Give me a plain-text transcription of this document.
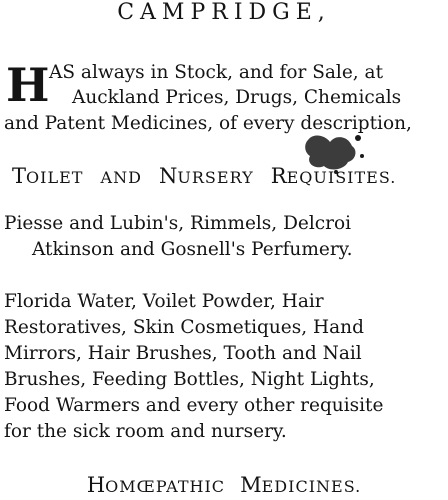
CAMPRIDGE,
H AS always in Stock, and for Sale, at
Auckland Prices, Drugs, Chemicals
and Patent Medicines, of every description,
TOILET AND NURSERY REQUISITES.
Piesse and Lubin's, Rimmels, Delcroi
Atkinson and Gosnell's Perfumery.
Florida Water, Voilet Powder, Hair
Restoratives, Skin Cosmetiques, Hand
Mirrors, Hair Brushes, Tooth and Nail
Brushes, Feeding Bottles, Night Lights,
Food Warmers and every other requisite
for the sick room and nursery.
HOMŒPATHIC MEDICINES.
